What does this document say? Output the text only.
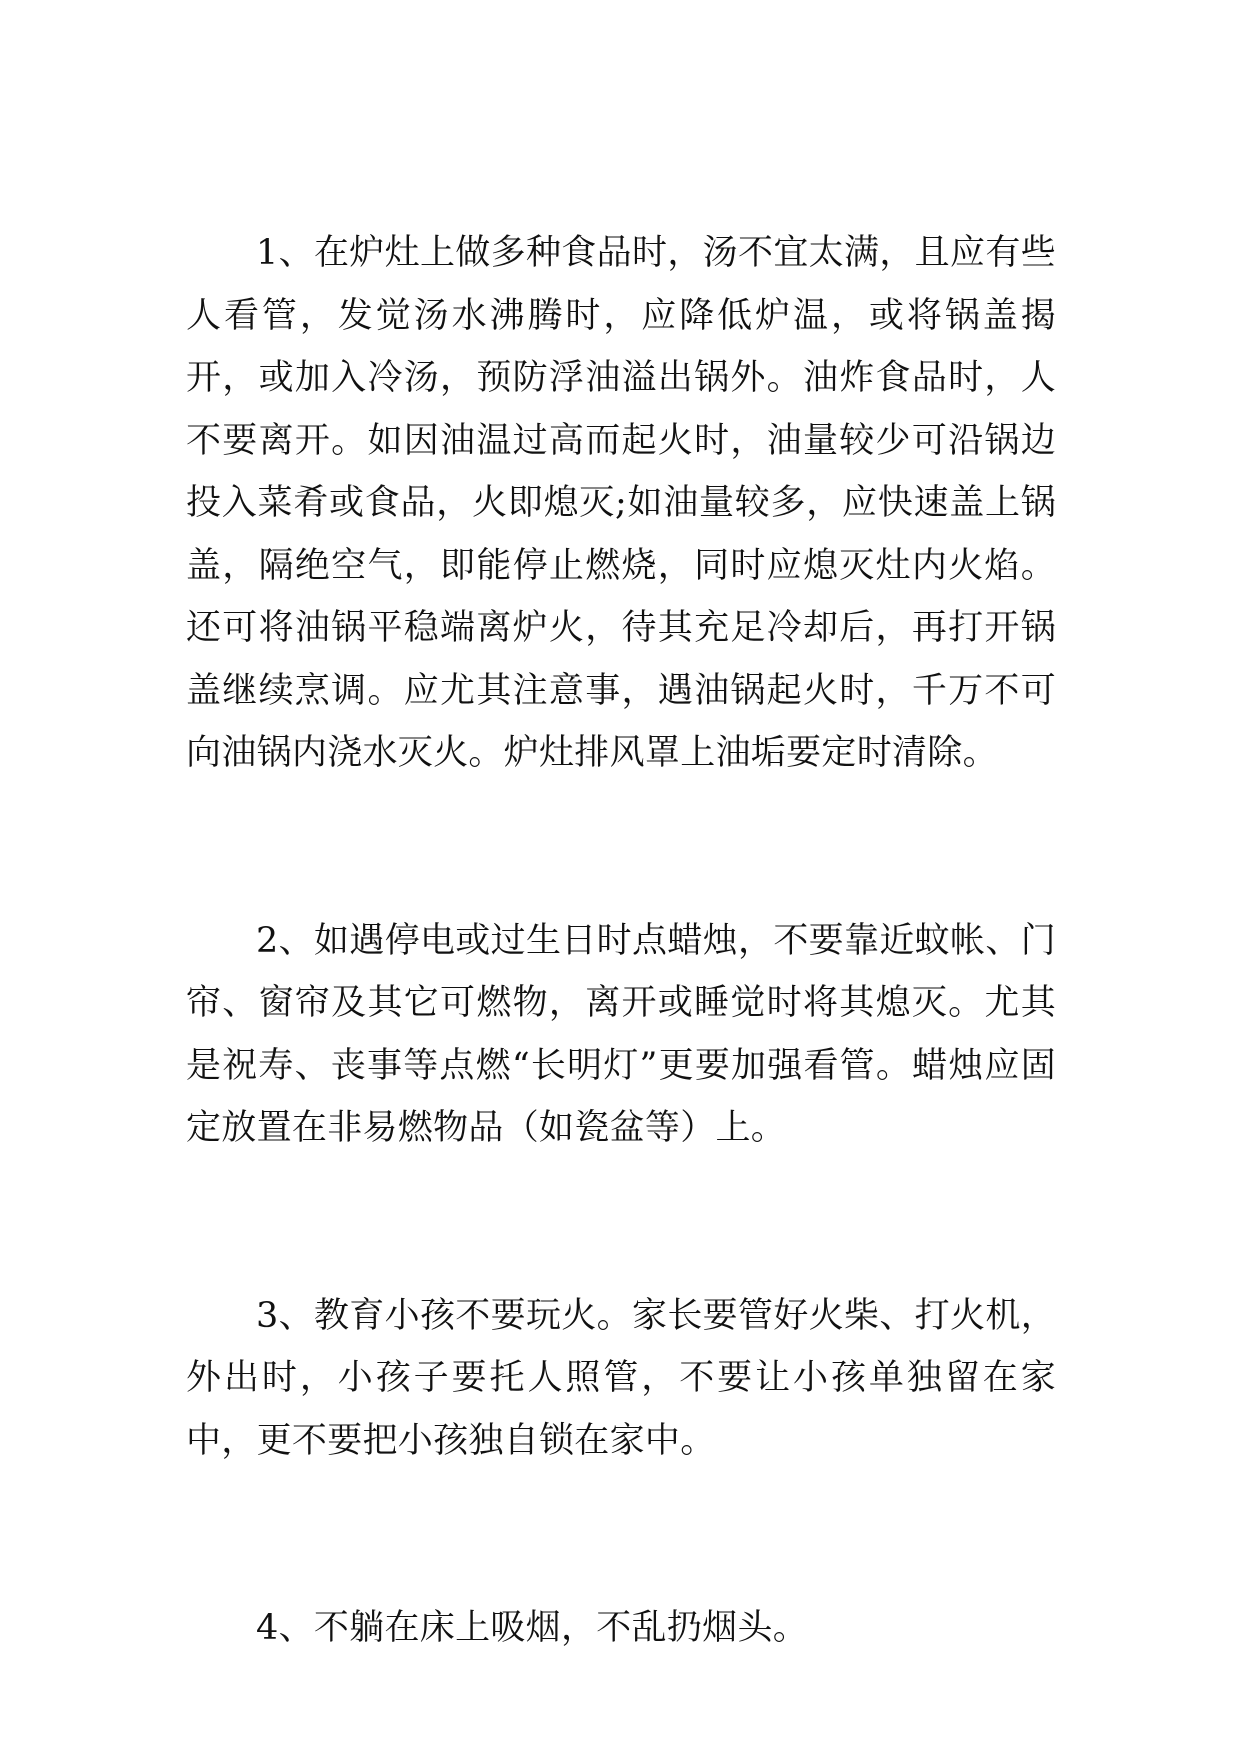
1、在炉灶上做多种食品时，汤不宜太满，且应有些人看管，发觉汤水沸腾时，应降低炉温，或将锅盖揭开，或加入冷汤，预防浮油溢出锅外。油炸食品时，人不要离开。如因油温过高而起火时，油量较少可沿锅边投入菜肴或食品，火即熄灭;如油量较多，应快速盖上锅盖，隔绝空气，即能停止燃烧，同时应熄灭灶内火焰。还可将油锅平稳端离炉火，待其充足冷却后，再打开锅盖继续烹调。应尤其注意事，遇油锅起火时，千万不可向油锅内浇水灭火。炉灶排风罩上油垢要定时清除。

2、如遇停电或过生日时点蜡烛，不要靠近蚊帐、门帘、窗帘及其它可燃物，离开或睡觉时将其熄灭。尤其是祝寿、丧事等点燃“长明灯”更要加强看管。蜡烛应固定放置在非易燃物品（如瓷盆等）上。

3、教育小孩不要玩火。家长要管好火柴、打火机，外出时，小孩子要托人照管，不要让小孩单独留在家中，更不要把小孩独自锁在家中。

4、不躺在床上吸烟，不乱扔烟头。
